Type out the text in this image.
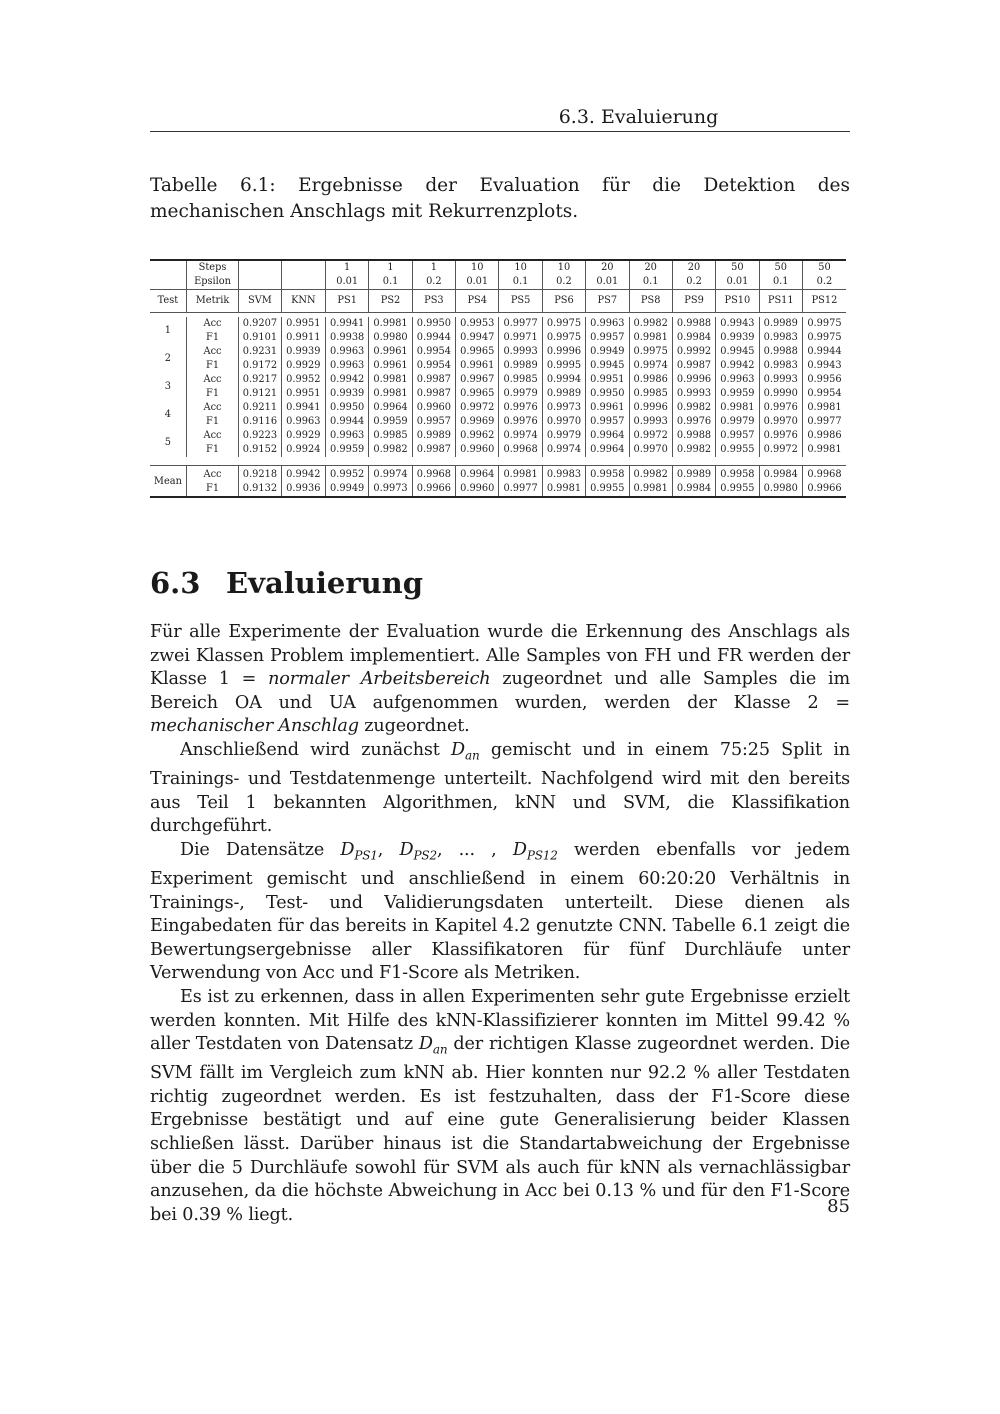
6.3. Evaluierung
Tabelle 6.1: Ergebnisse der Evaluation für die Detektion des mechanischen Anschlags mit Rekurrenzplots.
	Steps			1	1	1	10	10	10	20	20	20	50	50	50
	Epsilon			0.01	0.1	0.2	0.01	0.1	0.2	0.01	0.1	0.2	0.01	0.1	0.2
Test	Metrik	SVM	KNN	PS1	PS2	PS3	PS4	PS5	PS6	PS7	PS8	PS9	PS10	PS11	PS12

1	Acc	0.9207	0.9951	0.9941	0.9981	0.9950	0.9953	0.9977	0.9975	0.9963	0.9982	0.9988	0.9943	0.9989	0.9975
	F1	0.9101	0.9911	0.9938	0.9980	0.9944	0.9947	0.9971	0.9975	0.9957	0.9981	0.9984	0.9939	0.9983	0.9975
2	Acc	0.9231	0.9939	0.9963	0.9961	0.9954	0.9965	0.9993	0.9996	0.9949	0.9975	0.9992	0.9945	0.9988	0.9944
	F1	0.9172	0.9929	0.9963	0.9961	0.9954	0.9961	0.9989	0.9995	0.9945	0.9974	0.9987	0.9942	0.9983	0.9943
3	Acc	0.9217	0.9952	0.9942	0.9981	0.9987	0.9967	0.9985	0.9994	0.9951	0.9986	0.9996	0.9963	0.9993	0.9956
	F1	0.9121	0.9951	0.9939	0.9981	0.9987	0.9965	0.9979	0.9989	0.9950	0.9985	0.9993	0.9959	0.9990	0.9954
4	Acc	0.9211	0.9941	0.9950	0.9964	0.9960	0.9972	0.9976	0.9973	0.9961	0.9996	0.9982	0.9981	0.9976	0.9981
	F1	0.9116	0.9963	0.9944	0.9959	0.9957	0.9969	0.9976	0.9970	0.9957	0.9993	0.9976	0.9979	0.9970	0.9977
5	Acc	0.9223	0.9929	0.9963	0.9985	0.9989	0.9962	0.9974	0.9979	0.9964	0.9972	0.9988	0.9957	0.9976	0.9986
	F1	0.9152	0.9924	0.9959	0.9982	0.9987	0.9960	0.9968	0.9974	0.9964	0.9970	0.9982	0.9955	0.9972	0.9981

Mean	Acc	0.9218	0.9942	0.9952	0.9974	0.9968	0.9964	0.9981	0.9983	0.9958	0.9982	0.9989	0.9958	0.9984	0.9968
	F1	0.9132	0.9936	0.9949	0.9973	0.9966	0.9960	0.9977	0.9981	0.9955	0.9981	0.9984	0.9955	0.9980	0.9966
6.3 Evaluierung

Für alle Experimente der Evaluation wurde die Erkennung des Anschlags als zwei Klassen Problem implementiert. Alle Samples von FH und FR werden der Klasse 1 = normaler Arbeitsbereich zugeordnet und alle Samples die im Bereich OA und UA aufgenommen wurden, werden der Klasse 2 = mechanischer Anschlag zugeordnet.

Anschließend wird zunächst $D_{an}$ gemischt und in einem 75:25 Split in Trainings- und Testdatenmenge unterteilt. Nachfolgend wird mit den bereits aus Teil 1 bekannten Algorithmen, kNN und SVM, die Klassifikation durchgeführt.

Die Datensätze $D_{PS1}$, $D_{PS2}$, ... , $D_{PS12}$ werden ebenfalls vor jedem Experiment gemischt und anschließend in einem 60:20:20 Verhältnis in Trainings-, Test- und Validierungsdaten unterteilt. Diese dienen als Eingabedaten für das bereits in Kapitel 4.2 genutzte CNN. Tabelle 6.1 zeigt die Bewertungsergebnisse aller Klassifikatoren für fünf Durchläufe unter Verwendung von Acc und F1-Score als Metriken.

Es ist zu erkennen, dass in allen Experimenten sehr gute Ergebnisse erzielt werden konnten. Mit Hilfe des kNN-Klassifizierer konnten im Mittel 99.42 % aller Testdaten von Datensatz $D_{an}$ der richtigen Klasse zugeordnet werden. Die SVM fällt im Vergleich zum kNN ab. Hier konnten nur 92.2 % aller Testdaten richtig zugeordnet werden. Es ist festzuhalten, dass der F1-Score diese Ergebnisse bestätigt und auf eine gute Generalisierung beider Klassen schließen lässt. Darüber hinaus ist die Standartabweichung der Ergebnisse über die 5 Durchläufe sowohl für SVM als auch für kNN als vernachlässigbar anzusehen, da die höchste Abweichung in Acc bei 0.13 % und für den F1-Score bei 0.39 % liegt.	85
